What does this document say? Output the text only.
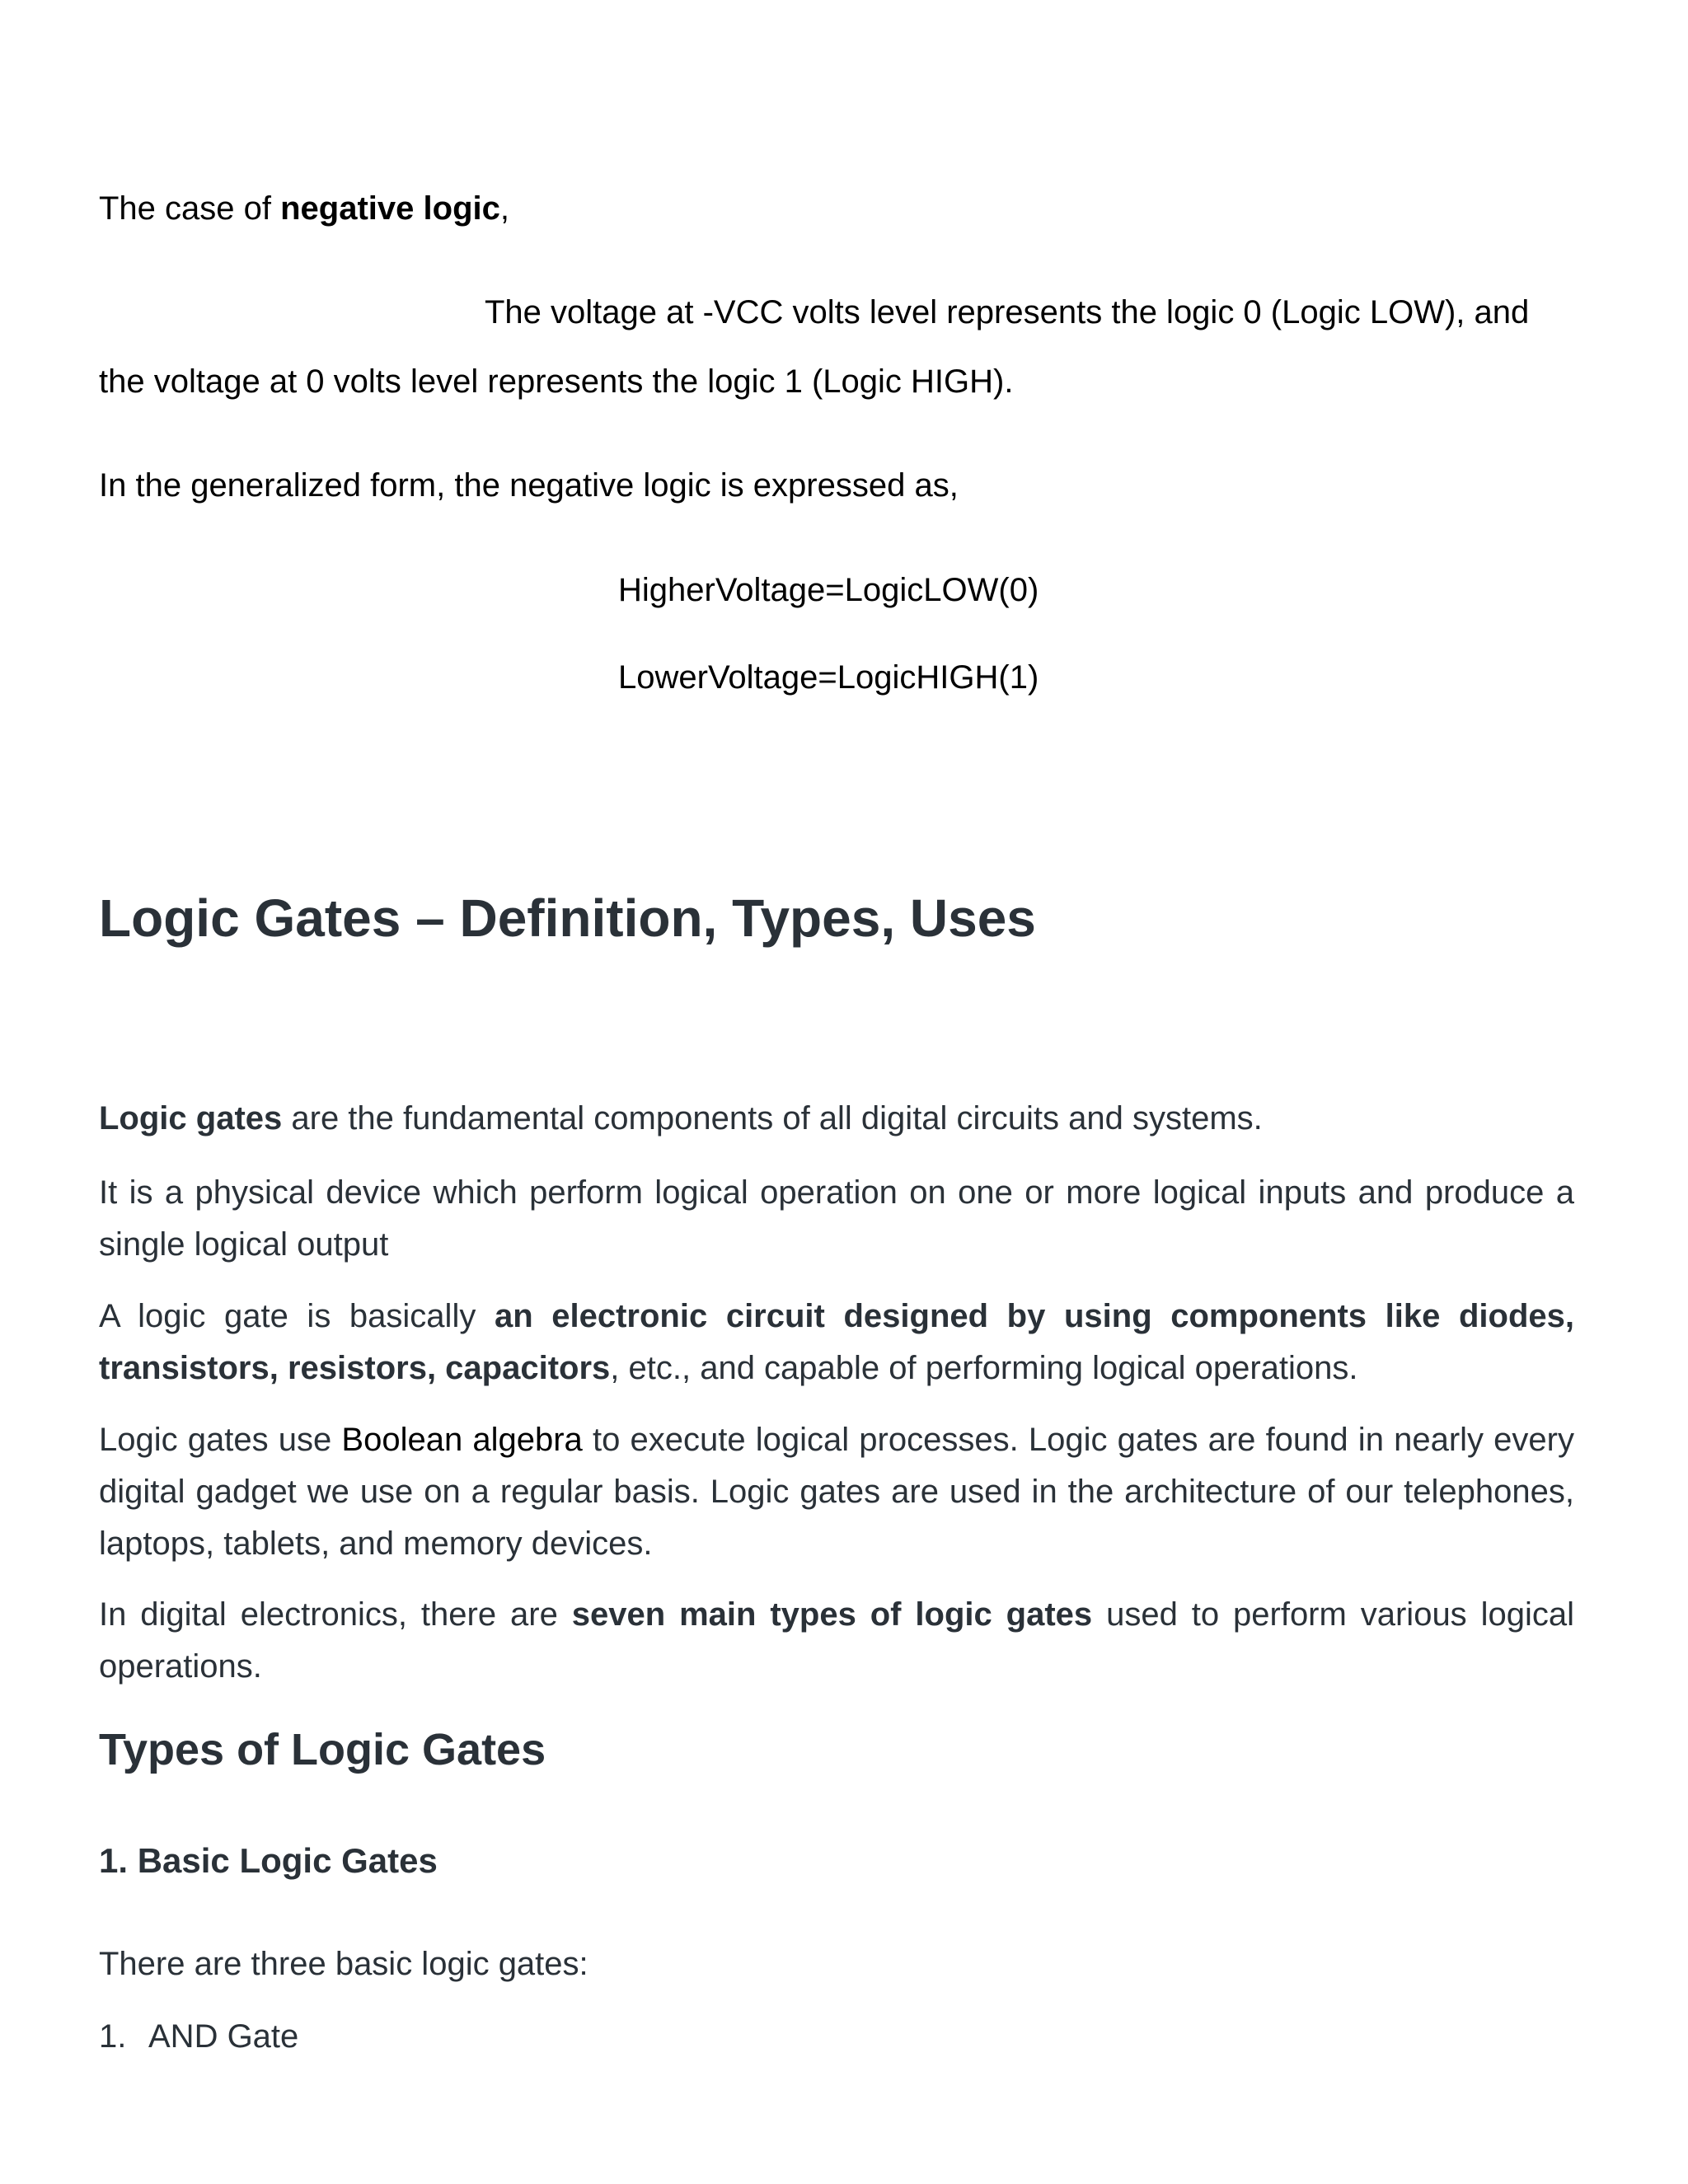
The case of negative logic,
The voltage at -VCC volts level represents the logic 0 (Logic LOW), and
the voltage at 0 volts level represents the logic 1 (Logic HIGH).
In the generalized form, the negative logic is expressed as,
HigherVoltage=LogicLOW(0)
LowerVoltage=LogicHIGH(1)
Logic Gates – Definition, Types, Uses
Logic gates are the fundamental components of all digital circuits and systems.
It is a physical device which perform logical operation on one or more logical inputs and produce a single logical output
A logic gate is basically an electronic circuit designed by using components like diodes, transistors, resistors, capacitors, etc., and capable of performing logical operations.
Logic gates use Boolean algebra to execute logical processes. Logic gates are found in nearly every digital gadget we use on a regular basis. Logic gates are used in the architecture of our telephones, laptops, tablets, and memory devices.
In digital electronics, there are seven main types of logic gates used to perform various logical operations.
Types of Logic Gates
1. Basic Logic Gates
There are three basic logic gates:
1. AND Gate
